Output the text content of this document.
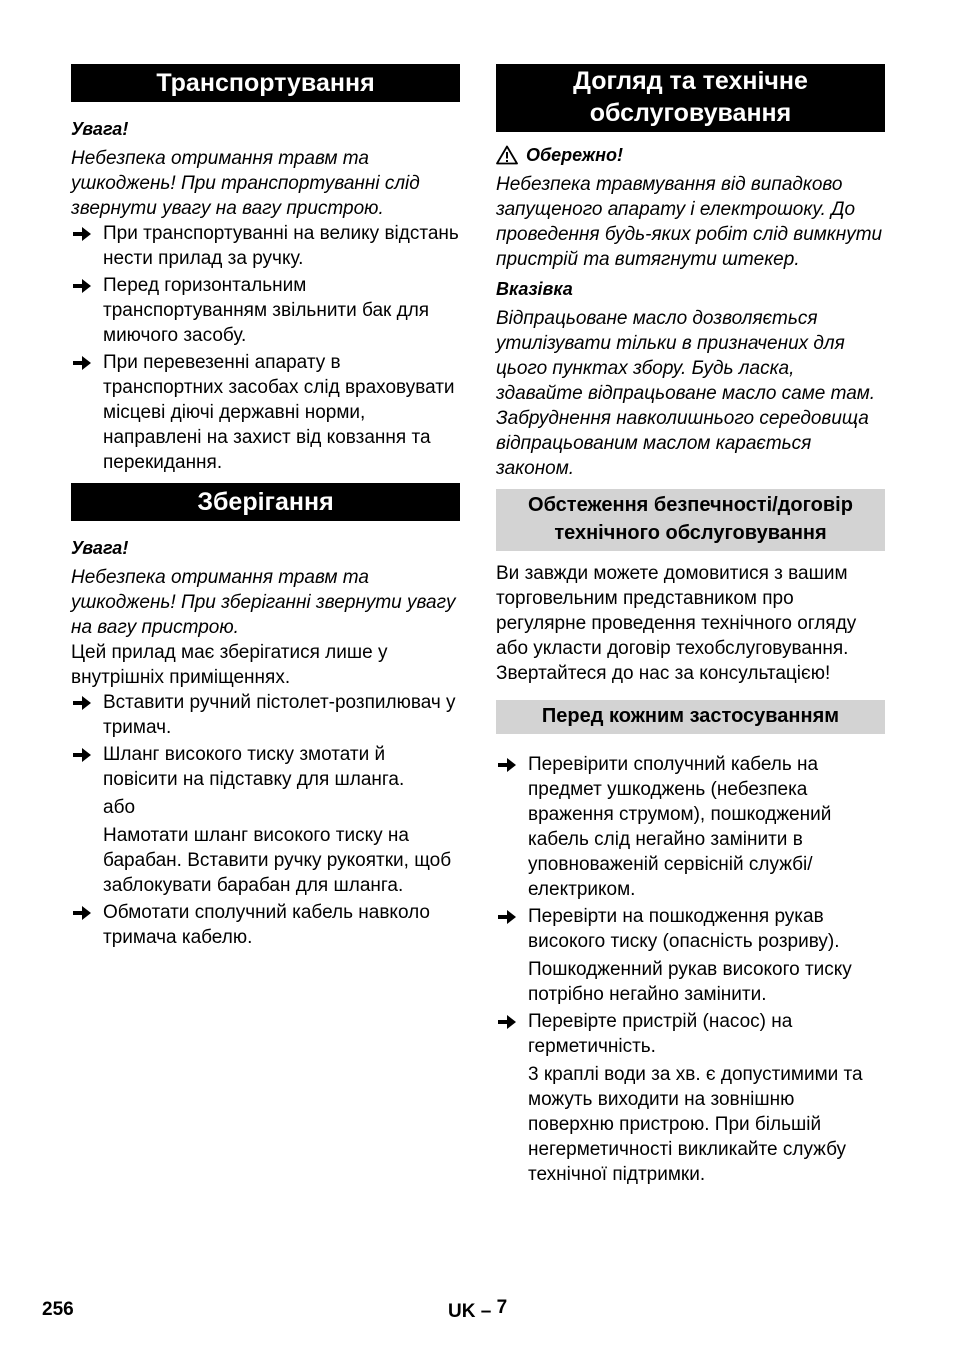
Транспортування
Увага!

Небезпека отримання травм та ушкоджень! При транспортуванні слід звернути увагу на вагу пристрою.

При транспортуванні на велику відстань нести прилад за ручку.
Перед горизонтальним транспортуванням звільнити бак для миючого засобу.
При перевезенні апарату в транспортних засобах слід враховувати місцеві діючі державні норми, направлені на захист від ковзання та перекидання.
Зберігання
Увага!

Небезпека отримання травм та ушкоджень! При зберіганні звернути увагу на вагу пристрою.

Цей прилад має зберігатися лише у внутрішніх приміщеннях.

Вставити ручний пістолет-розпилювач у тримач.
Шланг високого тиску змотати й повісити на підставку для шланга.
або
Намотати шланг високого тиску на барабан. Вставити ручку рукоятки, щоб заблокувати барабан для шланга.
Обмотати сполучний кабель навколо тримача кабелю.
Догляд та технічне
обслуговування
Обережно!

Небезпека травмування від випадково запущеного апарату і електрошоку. До проведення будь-яких робіт слід вимкнути пристрій та витягнути штекер.

Вказівка

Відпрацьоване масло дозволяється утилізувати тільки в призначених для цього пунктах збору. Будь ласка, здавайте відпрацьоване масло саме там. Забруднення навколишнього середовища відпрацьованим маслом карається законом.

Обстеження безпечності/договір
технічного обслуговування

Ви завжди можете домовитися з вашим торговельним представником про регулярне проведення технічного огляду або укласти договір техобслуговування. Звертайтеся до нас за консультацією!

Перед кожним застосуванням
Перевірити сполучний кабель на предмет ушкоджень (небезпека враження струмом), пошкоджений кабель слід негайно замінити в уповноваженій сервісній службі/електриком.
Перевірти на пошкодження рукав високого тиску (опасність розриву).
Пошкодженний рукав високого тиску потрібно негайно замінити.
Перевірте пристрій (насос) на герметичність.
3 краплі води за хв. є допустимими та можуть виходити на зовнішню поверхню пристрою. При більшій негерметичності викликайте службу технічної підтримки.
256	UK – $^7$
